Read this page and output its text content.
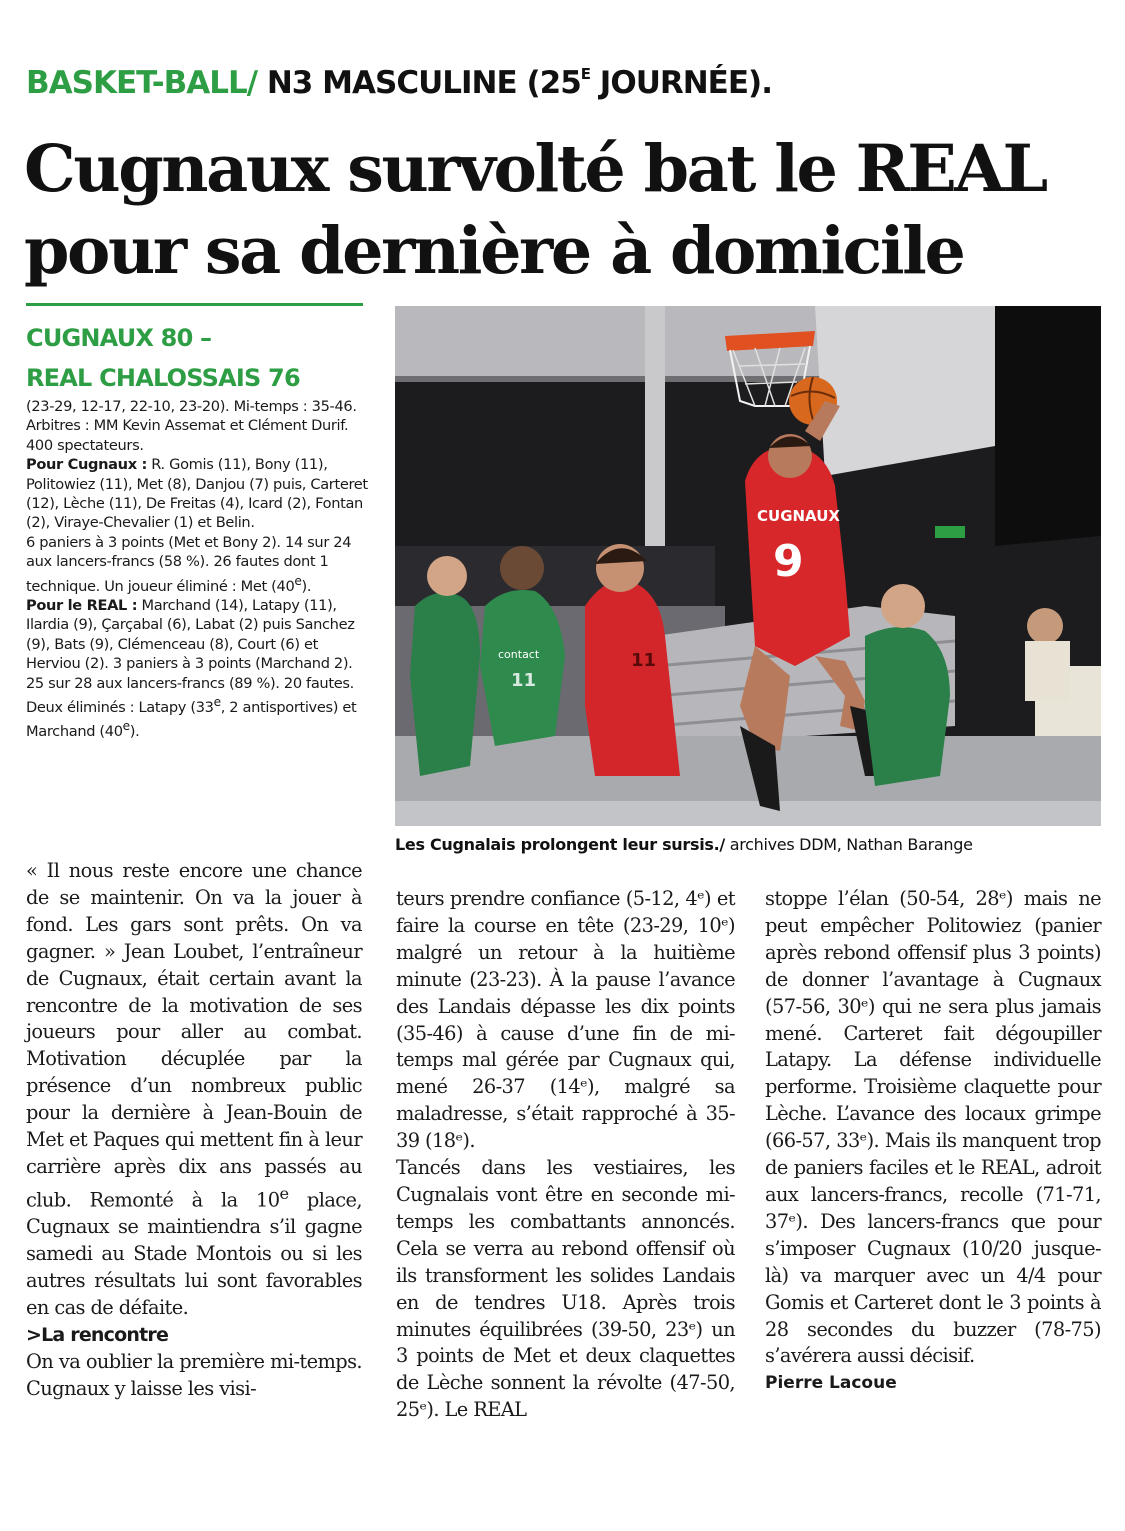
BASKET-BALL/ N3 MASCULINE ($25^E$ JOURNÉE).
Cugnaux survolté bat le REAL
pour sa dernière à domicile
CUGNAUX 80 –
REAL CHALOSSAIS 76

(23-29, 12-17, 22-10, 23-20). Mi-temps : 35-46. Arbitres : MM Kevin Assemat et Clément Durif. 400 spectateurs.

Pour Cugnaux : R. Gomis (11), Bony (11), Politowiez (11), Met (8), Danjou (7) puis, Carteret (12), Lèche (11), De Freitas (4), Icard (2), Fontan (2), Viraye-Chevalier (1) et Belin.

6 paniers à 3 points (Met et Bony 2). 14 sur 24 aux lancers-francs (58 %). 26 fautes dont 1 technique. Un joueur éliminé : Met (40e).

Pour le REAL : Marchand (14), Latapy (11), Ilardia (9), Çarçabal (6), Labat (2) puis Sanchez (9), Bats (9), Clémenceau (8), Court (6) et Herviou (2). 3 paniers à 3 points (Marchand 2). 25 sur 28 aux lancers-francs (89 %). 20 fautes. Deux éliminés : Latapy (33e, 2 antisportives) et Marchand (40e).

CUGNAUX
9
11
11
contact
Les Cugnalais prolongent leur sursis./ archives DDM, Nathan Barange

« Il nous reste encore une chance de se maintenir. On va la jouer à fond. Les gars sont prêts. On va gagner. » Jean Loubet, l’entraîneur de Cugnaux, était certain avant la rencontre de la motivation de ses joueurs pour aller au combat. Motivation décuplée par la présence d’un nombreux public pour la dernière à Jean-Bouin de Met et Paques qui mettent fin à leur carrière après dix ans passés au club. Remonté à la 10e place, Cugnaux se maintiendra s’il gagne samedi au Stade Montois ou si les autres résultats lui sont favorables en cas de défaite.

>La rencontre

On va oublier la première mi-temps. Cugnaux y laisse les visi-

teurs prendre confiance (5-12, 4ᵉ) et faire la course en tête (23-29, 10ᵉ) malgré un retour à la huitième minute (23-23). À la pause l’avance des Landais dépasse les dix points (35-46) à cause d’une fin de mi-temps mal gérée par Cugnaux qui, mené 26-37 (14ᵉ), malgré sa maladresse, s’était rapproché à 35-39 (18ᵉ).

Tancés dans les vestiaires, les Cugnalais vont être en seconde mi-temps les combattants annoncés. Cela se verra au rebond offensif où ils transforment les solides Landais en de tendres U18. Après trois minutes équilibrées (39-50, 23ᵉ) un 3 points de Met et deux claquettes de Lèche sonnent la révolte (47-50, 25ᵉ). Le REAL

stoppe l’élan (50-54, 28ᵉ) mais ne peut empêcher Politowiez (panier après rebond offensif plus 3 points) de donner l’avantage à Cugnaux (57-56, 30ᵉ) qui ne sera plus jamais mené. Carteret fait dégoupiller Latapy. La défense individuelle performe. Troisième claquette pour Lèche. L’avance des locaux grimpe (66-57, 33ᵉ). Mais ils manquent trop de paniers faciles et le REAL, adroit aux lancers-francs, recolle (71-71, 37ᵉ). Des lancers-francs que pour s’imposer Cugnaux (10/20 jusque-là) va marquer avec un 4/4 pour Gomis et Carteret dont le 3 points à 28 secondes du buzzer (78-75) s’avérera aussi décisif.

Pierre Lacoue
